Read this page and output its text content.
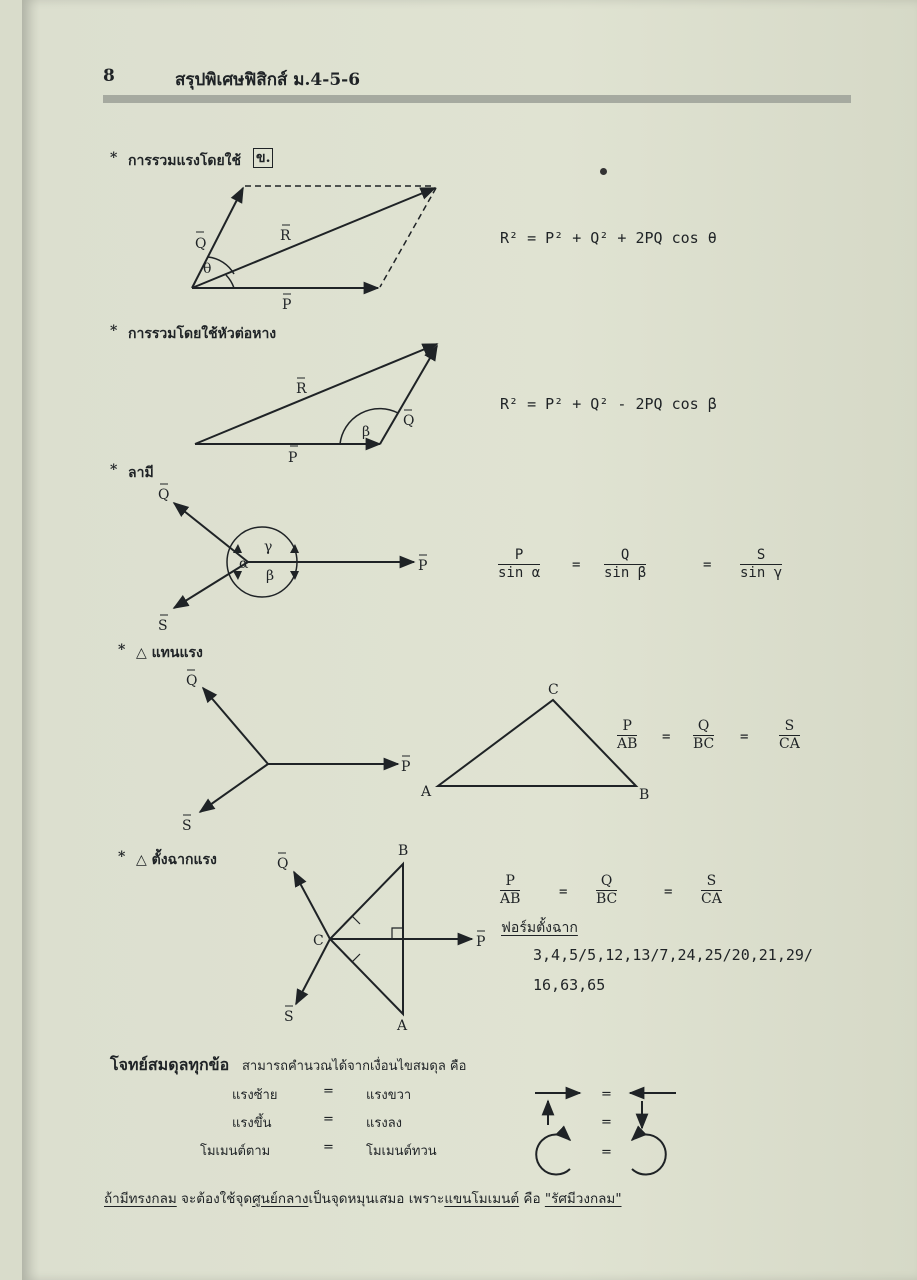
8	สรุปพิเศษฟิสิกส์ ม.4-5-6
* การรวมแรงโดยใช้ ข.
Q	R
P
θ
R
Q
P
β
Q
P
S
α
β
γ
Q
P
S
A	B
C
Q
P
S
B
A
C
R² = P² + Q² + 2PQ cos θ
* การรวมโดยใช้หัวต่อหาง
R² = P² + Q² - 2PQ cos β
* ลามี
$\frac{P}{\text{sin α}} = \frac{Q}{\text{sin β}}$	= $\frac{S}{\text{sin γ}}$
* △ แทนแรง
$\frac{P}{AB} = \frac{Q}{BC} = \frac{S}{CA}$
* △ ตั้งฉากแรง
$\frac{P}{AB}$	= $\frac{Q}{BC}$	= $\frac{S}{CA}$
ฟอร์มตั้งฉาก
3,4,5/5,12,13/7,24,25/20,21,29/
16,63,65
โจทย์สมดุลทุกข้อ สามารถคำนวณได้จากเงื่อนไขสมดุล คือ
แรงซ้าย	= แรงขวา
แรงขึ้น	= แรงลง
โมเมนต์ตาม	= โมเมนต์ทวน
=
=
=
ถ้ามีทรงกลม จะต้องใช้จุดศูนย์กลางเป็นจุดหมุนเสมอ เพราะแขนโมเมนต์ คือ "รัศมีวงกลม"
